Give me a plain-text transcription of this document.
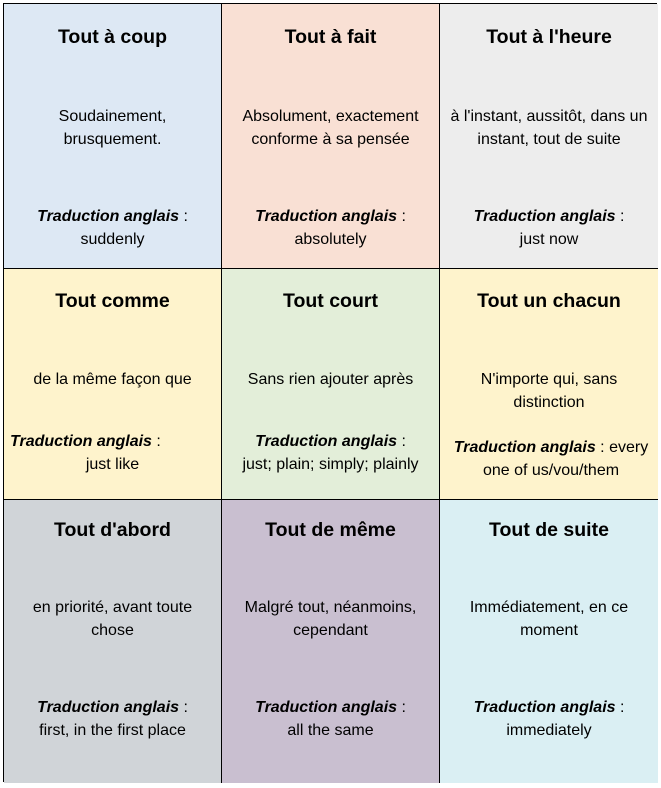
Tout à coup

Soudainement, brusquement.

Traduction anglais :
suddenly

Tout à fait

Absolument, exactement conforme à sa pensée

Traduction anglais :
absolutely

Tout à l'heure

à l'instant, aussitôt, dans un instant, tout de suite

Traduction anglais :
just now

Tout comme

de la même façon que

Traduction anglais :

just like

Tout court

Sans rien ajouter après

Traduction anglais :
just; plain; simply; plainly

Tout un chacun

N'importe qui, sans distinction

Traduction anglais : every one of us/vou/them

Tout d'abord

en priorité, avant toute chose

Traduction anglais :
first, in the first place

Tout de même

Malgré tout, néanmoins, cependant

Traduction anglais :
all the same

Tout de suite

Immédiatement, en ce moment

Traduction anglais :
immediately
